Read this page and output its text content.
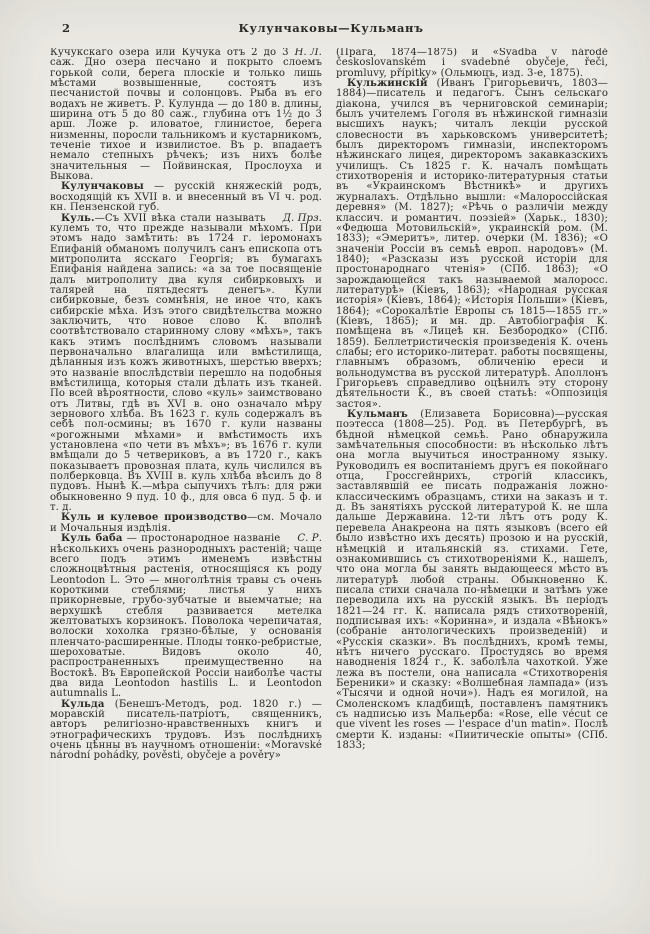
2	Кулунчаковы—Кульманъ

Н. Л.
Кучукскаго озера или Кучука отъ 2 до 3 саж. Дно озера песчано и покрыто слоемъ горькой соли, берега плоскіе и только лишь мѣстами возвышенные, состоятъ изъ песчанистой почвы и солонцовъ. Рыба въ его водахъ не живетъ. Р. Кулунда — до 180 в. длины, ширина отъ 5 до 80 саж., глубина отъ 1½ до 3 арш. Ложе р. иловатое, глинистое, берега низменны, поросли тальникомъ и кустарникомъ, теченіе тихое и извилистое. Въ р. впадаетъ немало степныхъ рѣчекъ; изъ нихъ болѣе значительныя — Пойвинская, Прослоуха и Выкова.

Кулунчаковы — русскій княжескій родъ, восходящій къ XVII в. и внесенный въ VI ч. род. кн. Пензенской губ.

Куль.	Д. Прз.
—Съ XVII вѣка стали называть кулемъ то, что прежде называли мѣхомъ. При этомъ надо замѣтить: въ 1724 г. іеромонахъ Епифаній обманомъ получилъ санъ епископа отъ митрополита ясскаго Георгія; въ бумагахъ Епифанія найдена запись: «а за тое посвященіе далъ митрополиту два куля сибирковыхъ и талярей на пятьдесятъ денегъ». Кули сибирковые, безъ сомнѣнія, не иное что, какъ сибирскіе мѣха. Изъ этого свидѣтельства можно заключить, что новое слово К. вполнѣ соотвѣтствовало старинному слову «мѣхъ», такъ какъ этимъ послѣднимъ словомъ называли первоначально влагалища или вмѣстилища, дѣланныя изъ кожъ животныхъ, шерстью вверхъ; это названіе впослѣдствіи перешло на подобныя вмѣстилища, которыя стали дѣлать изъ тканей. По всей вѣроятности, слово «куль» заимствовано отъ Литвы, гдѣ въ XVI в. оно означало мѣру зернового хлѣба. Въ 1623 г. куль содержалъ въ себѣ пол-осмины; въ 1670 г. кули названы «рогожными мѣхами» и вмѣстимость ихъ установлена «по чети въ мѣхъ»; въ 1676 г. кули вмѣщали до 5 четвериковъ, а въ 1720 г., какъ показываетъ провозная плата, куль числился въ полберковца. Въ XVIII в. куль хлѣба вѣсилъ до 8 пудовъ. Нынѣ К.—мѣра сыпучихъ тѣлъ: для ржи обыкновенно 9 пуд. 10 ф., для овса 6 пуд. 5 ф. и т. д.

Куль и кулевое производство—см. Мочало и Мочальныя издѣлія.

Куль баба	С. Р.
— простонародное названіе нѣсколькихъ очень разнородныхъ растеній; чаще всего подъ этимъ именемъ извѣстны сложноцвѣтныя растенія, относящіяся къ роду Leontodon L. Это — многолѣтнія травы съ очень короткими стеблями; листья у нихъ прикорневые, грубо-зубчатые и выемчатые; на верхушкѣ стебля развивается метелка желтоватыхъ корзинокъ. Поволока черепичатая, волоски хохолка грязно-бѣлые, у основанія пленчато-расширенные. Плоды тонко-ребристые, шероховатые. Видовъ около 40, распространенныхъ преимущественно на Востокѣ. Въ Европейской Россіи наиболѣе часты два вида Leontodon hastilis L. и Leontodon autumnalis L.

Кульда (Бенешъ-Методъ, род. 1820 г.) — моравскій писатель-патріотъ, священникъ, авторъ религіозно-нравственныхъ книгъ и этнографическихъ трудовъ. Изъ послѣднихъ очень цѣнны въ научномъ отношеніи: «Moravské národní pohádky, pověsti, obyčeje a pověry»

(Прага, 1874—1875) и «Svadba v národě českoslovanském i svadebné obyčeje, řeči, promluvy, přípitky» (Ольмюцъ, изд. 3-е, 1875).

Кульжинскій (Иванъ Григорьевичъ, 1803—1884)—писатель и педагогъ. Сынъ сельскаго діакона, учился въ черниговской семинаріи; былъ учителемъ Гоголя въ нѣжинской гимназіи высшихъ наукъ; читалъ лекціи русской словесности въ харьковскомъ университетѣ; былъ директоромъ гимназіи, инспекторомъ нѣжинскаго лицея, директоромъ закавказскихъ училищъ. Съ 1825 г. К. началъ помѣщать стихотворенія и историко-литературныя статьи въ «Украинскомъ Вѣстникѣ» и другихъ журналахъ. Отдѣльно вышли: «Малороссійская деревня» (М. 1827); «Рѣчь о различіи между классич. и романтич. поэзіей» (Харьк., 1830); «Федюша Мотовильскій», украинскій ром. (М. 1833); «Эмеритъ», литер. очерки (М. 1836); «О значеніи Россіи въ семьѣ европ. народовъ» (М. 1840); «Разсказы изъ русской исторіи для простонароднаго чтенія» (СПб. 1863); «О зарождающейся такъ называемой малоросс. литературѣ» (Кіевъ, 1863); «Народная русская исторія» (Кіевъ, 1864); «Исторія Польши» (Кіевъ, 1864); «Сорокалѣтіе Европы съ 1815—1855 гг.» (Кіевъ, 1865); и мн. др. Автобіографія К. помѣщена въ «Лицеѣ кн. Безбородко» (СПб. 1859). Беллетристическія произведенія К. очень слабы; его историко-литерат. работы посвящены, главнымъ образомъ, обличенію ереси и вольнодумства въ русской литературѣ. Аполлонъ Григорьевъ справедливо оцѣнилъ эту сторону дѣятельности К., въ своей статьѣ: «Оппозиція застоя».

Кульманъ (Елизавета Борисовна)—русская поэтесса (1808—25). Род. въ Петербургѣ, въ бѣдной нѣмецкой семьѣ. Рано обнаружила замѣчательныя способности: въ нѣсколько лѣтъ она могла выучиться иностранному языку. Руководилъ ея воспитаніемъ другъ ея покойнаго отца, Гроссгейнрихъ, строгій классикъ, заставлявшій ее писать подражанія ложно-классическимъ образцамъ, стихи на заказъ и т. д. Въ занятіяхъ русской литературой К. не шла дальше Державина. 12-ти лѣтъ отъ роду К. перевела Анакреона на пять языковъ (всего ей было извѣстно ихъ десять) прозою и на русскій, нѣмецкій и итальянскій яз. стихами. Гете, ознакомившись съ стихотвореніями К., нашелъ, что она могла бы занять выдающееся мѣсто въ литературѣ любой страны. Обыкновенно К. писала стихи сначала по-нѣмецки и затѣмъ уже переводила ихъ на русскій языкъ. Въ періодъ 1821—24 гг. К. написала рядъ стихотвореній, подписывая ихъ: «Коринна», и издала «Вѣнокъ» (собраніе антологическихъ произведеній) и «Русскія сказки». Въ послѣднихъ, кромѣ темы, нѣтъ ничего русскаго. Простудясь во время наводненія 1824 г., К. заболѣла чахоткой. Уже лежа въ постели, она написала «Стихотворенія Береники» и сказку: «Волшебная лампада» (изъ «Тысячи и одной ночи»). Надъ ея могилой, на Смоленскомъ кладбищѣ, поставленъ памятникъ съ надписью изъ Мальерба: «Rose, elle vécut ce que vivent les roses — l'espace d'un matin». Послѣ смерти К. изданы: «Пиитическіе опыты» (СПб. 1833;
